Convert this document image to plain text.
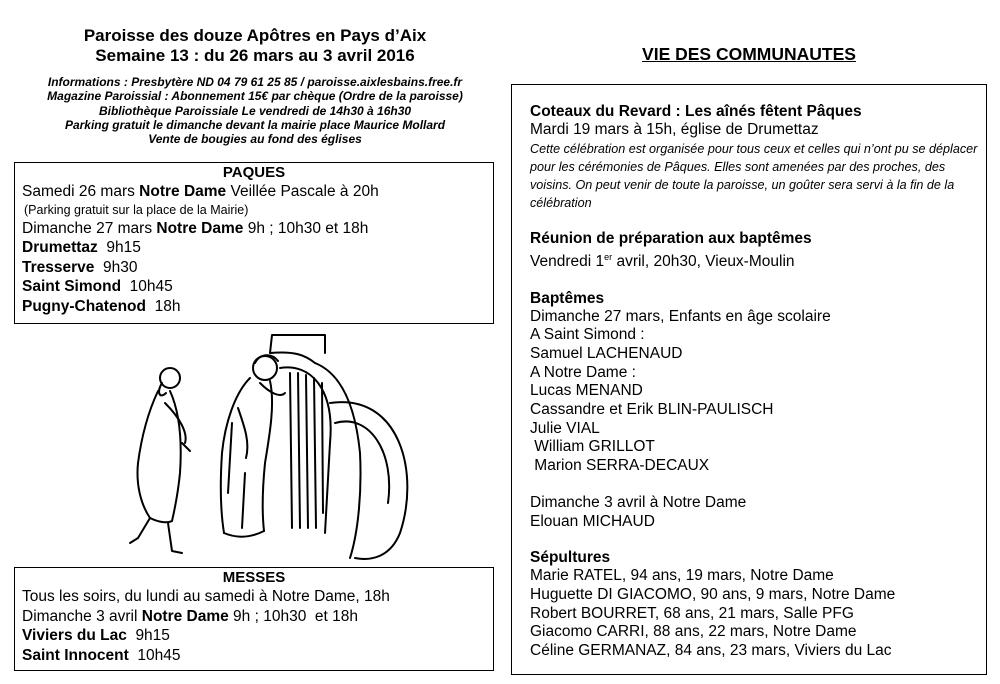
Paroisse des douze Apôtres en Pays d’Aix
Semaine 13 : du 26 mars au 3 avril 2016
Informations : Presbytère ND 04 79 61 25 85 / paroisse.aixlesbains.free.fr
Magazine Paroissial : Abonnement 15€ par chèque (Ordre de la paroisse)
Bibliothèque Paroissiale Le vendredi de 14h30 à 16h30
Parking gratuit le dimanche devant la mairie place Maurice Mollard
Vente de bougies au fond des églises
PAQUES
Samedi 26 mars Notre Dame Veillée Pascale à 20h
(Parking gratuit sur la place de la Mairie)
Dimanche 27 mars Notre Dame 9h ; 10h30 et 18h
Drumettaz  9h15
Tresserve  9h30
Saint Simond  10h45
Pugny-Chatenod  18h
MESSES
Tous les soirs, du lundi au samedi à Notre Dame, 18h
Dimanche 3 avril Notre Dame 9h ; 10h30  et 18h
Viviers du Lac  9h15
Saint Innocent  10h45
VIE DES COMMUNAUTES
Coteaux du Revard : Les aînés fêtent Pâques
Mardi 19 mars à 15h, église de Drumettaz
Cette célébration est organisée pour tous ceux et celles qui n’ont pu se déplacer pour les cérémonies de Pâques. Elles sont amenées par des proches, des voisins. On peut venir de toute la paroisse, un goûter sera servi à la fin de la célébration
Réunion de préparation aux baptêmes
Vendredi 1er avril, 20h30, Vieux-Moulin
Baptêmes
Dimanche 27 mars, Enfants en âge scolaire
A Saint Simond :
Samuel LACHENAUD
A Notre Dame :
Lucas MENAND
Cassandre et Erik BLIN-PAULISCH
Julie VIAL
William GRILLOT
Marion SERRA-DECAUX
Dimanche 3 avril à Notre Dame
Elouan MICHAUD
Sépultures
Marie RATEL, 94 ans, 19 mars, Notre Dame
Huguette DI GIACOMO, 90 ans, 9 mars, Notre Dame
Robert BOURRET, 68 ans, 21 mars, Salle PFG
Giacomo CARRI, 88 ans, 22 mars, Notre Dame
Céline GERMANAZ, 84 ans, 23 mars, Viviers du Lac
